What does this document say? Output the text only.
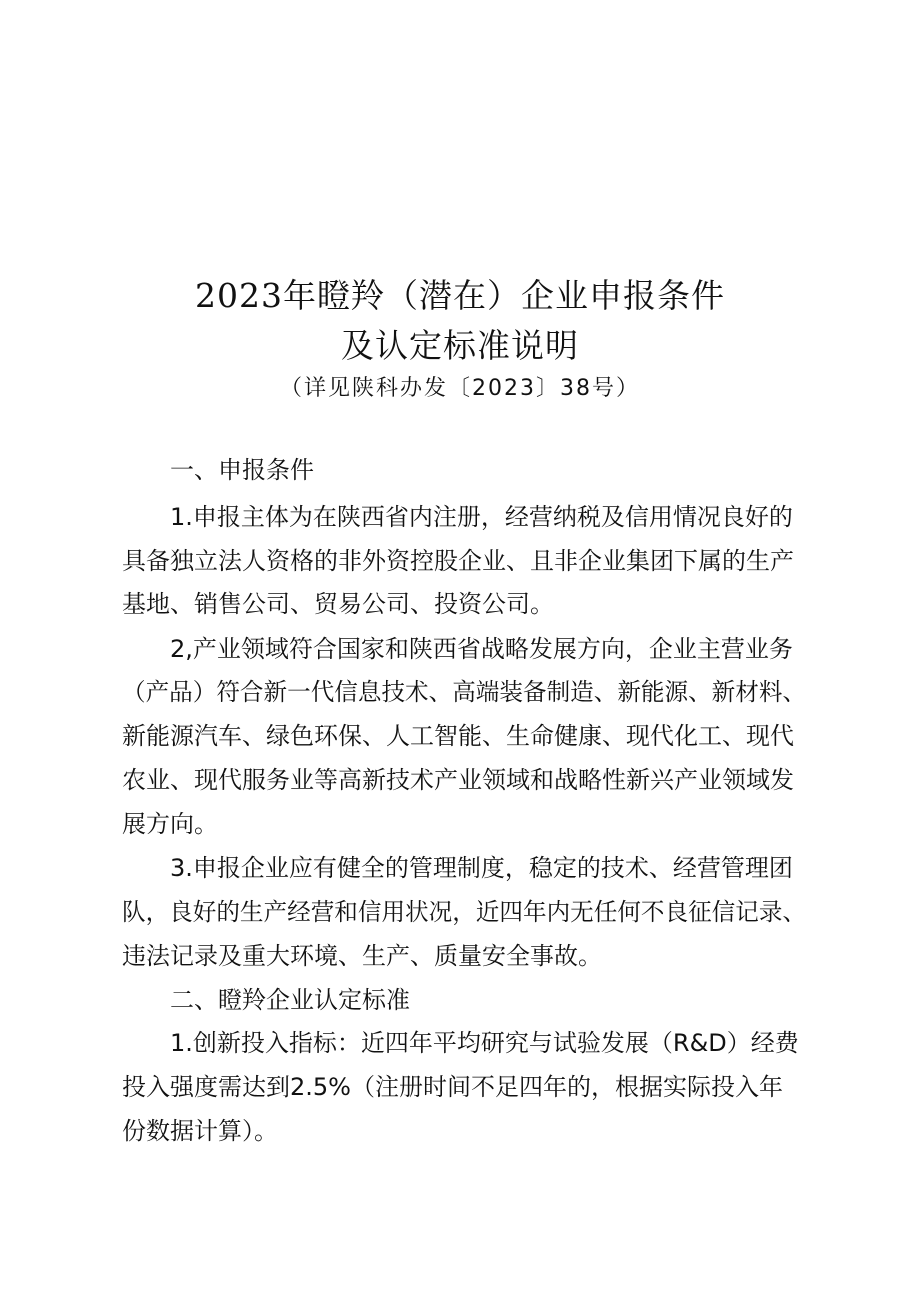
2023年瞪羚（潜在）企业申报条件
及认定标准说明
（详见陕科办发〔2023〕38号）
　　一、申报条件
　　1.申报主体为在陕西省内注册，经营纳税及信用情况良好的
具备独立法人资格的非外资控股企业、且非企业集团下属的生产
基地、销售公司、贸易公司、投资公司。
　　2,产业领域符合国家和陕西省战略发展方向，企业主营业务
（产品）符合新一代信息技术、高端装备制造、新能源、新材料、
新能源汽车、绿色环保、人工智能、生命健康、现代化工、现代
农业、现代服务业等高新技术产业领域和战略性新兴产业领域发
展方向。
　　3.申报企业应有健全的管理制度，稳定的技术、经营管理团
队，良好的生产经营和信用状况，近四年内无任何不良征信记录、
违法记录及重大环境、生产、质量安全事故。
　　二、瞪羚企业认定标准
　　1.创新投入指标：近四年平均研究与试验发展（R&D）经费
投入强度需达到2.5%（注册时间不足四年的，根据实际投入年
份数据计算）。
